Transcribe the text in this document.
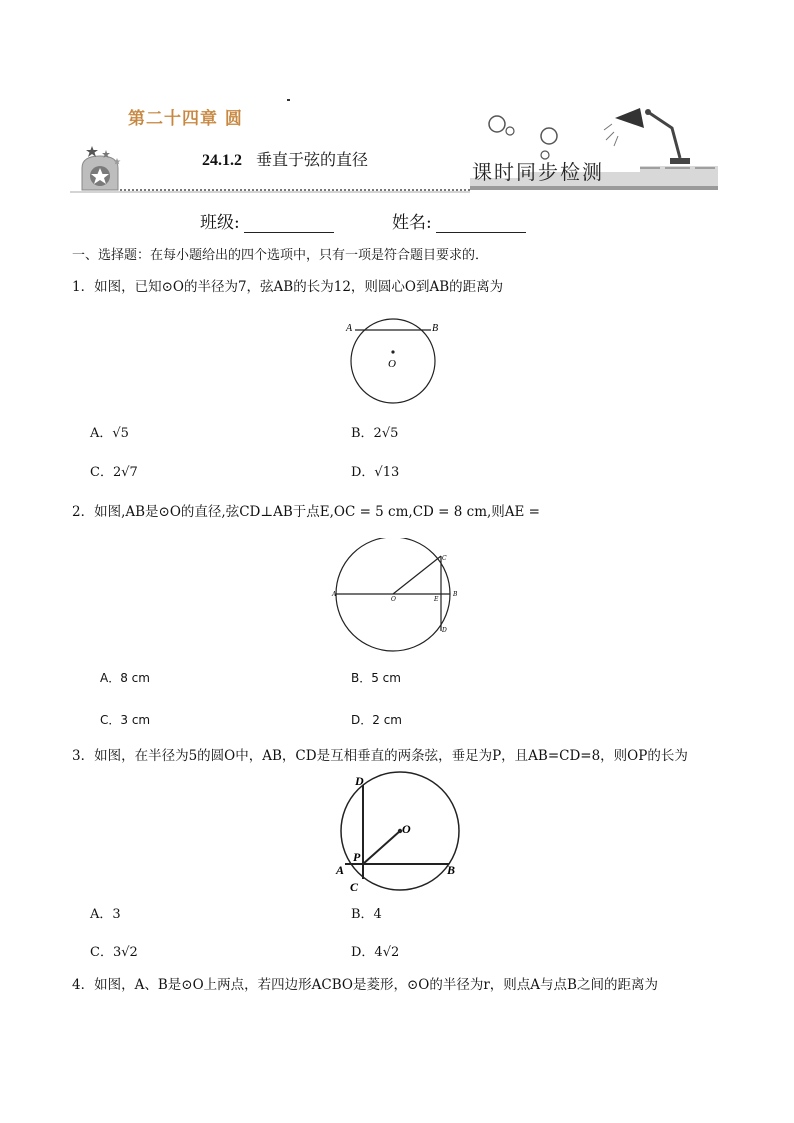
第二十四章 圆
24.1.2 垂直于弦的直径
课时同步检测
班级:	姓名:
一、选择题：在每小题给出的四个选项中，只有一项是符合题目要求的．
1．如图，已知⊙O的半径为7，弦AB的长为12，则圆心O到AB的距离为
A	B
O
A．√5	B．2√5
C．2√7	D．√13
2．如图,AB是⊙O的直径,弦CD⊥AB于点E,OC = 5 cm,CD = 8 cm,则AE =
A
O	E
B
C
D
A．8 cm	B．5 cm
C．3 cm	D．2 cm
3．如图，在半径为5的圆O中，AB，CD是互相垂直的两条弦，垂足为P，且AB=CD=8，则OP的长为
D
O
P
A	B
C
A．3	B．4
C．3√2	D．4√2
4．如图，A、B是⊙O上两点，若四边形ACBO是菱形，⊙O的半径为r，则点A与点B之间的距离为
